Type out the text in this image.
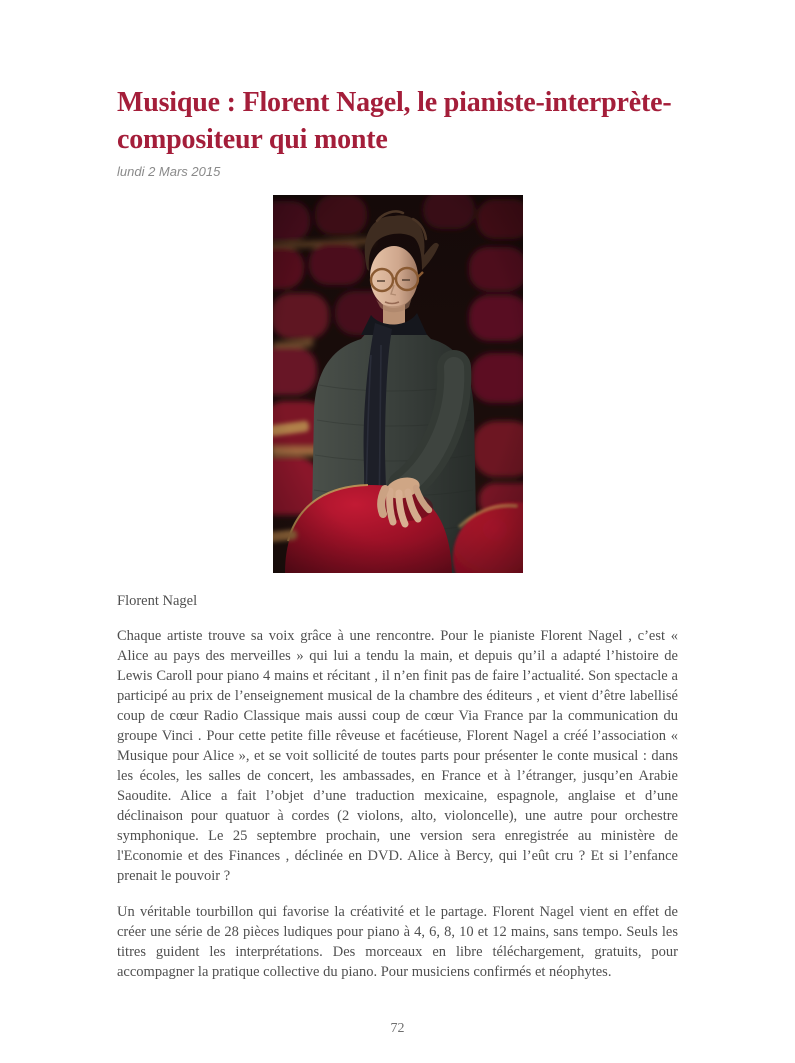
Musique : Florent Nagel, le pianiste-interprète-compositeur qui monte
lundi 2 Mars 2015
Florent Nagel

Chaque artiste trouve sa voix grâce à une rencontre. Pour le pianiste Florent Nagel , c’est « Alice au pays des merveilles » qui lui a tendu la main, et depuis qu’il a adapté l’histoire de Lewis Caroll pour piano 4 mains et récitant , il n’en finit pas de faire l’actualité. Son spectacle a participé au prix de l’enseignement musical de la chambre des éditeurs , et vient d’être labellisé coup de cœur Radio Classique mais aussi coup de cœur Via France par la communication du groupe Vinci . Pour cette petite fille rêveuse et facétieuse, Florent Nagel a créé l’association « Musique pour Alice », et se voit sollicité de toutes parts pour présenter le conte musical : dans les écoles, les salles de concert, les ambassades, en France et à l’étranger, jusqu’en Arabie Saoudite. Alice a fait l’objet d’une traduction mexicaine, espagnole, anglaise et d’une déclinaison pour quatuor à cordes (2 violons, alto, violoncelle), une autre pour orchestre symphonique. Le 25 septembre prochain, une version sera enregistrée au ministère de l'Economie et des Finances , déclinée en DVD. Alice à Bercy, qui l’eût cru ? Et si l’enfance prenait le pouvoir ?

Un véritable tourbillon qui favorise la créativité et le partage. Florent Nagel vient en effet de créer une série de 28 pièces ludiques pour piano à 4, 6, 8, 10 et 12 mains, sans tempo. Seuls les titres guident les interprétations. Des morceaux en libre téléchargement, gratuits, pour accompagner la pratique collective du piano. Pour musiciens confirmés et néophytes.

72
